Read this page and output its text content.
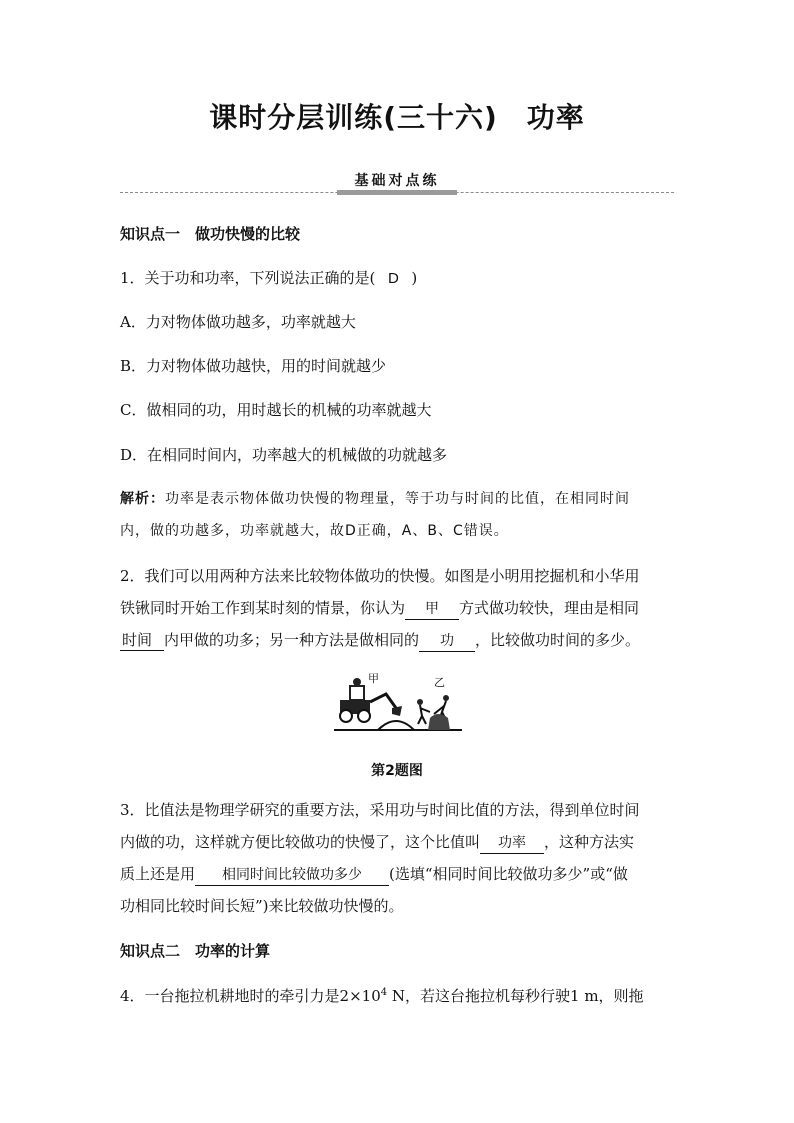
课时分层训练(三十六)　功率
基础对点练
知识点一　做功快慢的比较
1．关于功和功率，下列说法正确的是( D )
A．力对物体做功越多，功率就越大
B．力对物体做功越快，用的时间就越少
C．做相同的功，用时越长的机械的功率就越大
D．在相同时间内，功率越大的机械做的功就越多
解析：功率是表示物体做功快慢的物理量，等于功与时间的比值，在相同时间
内，做的功越多，功率就越大，故D正确，A、B、C错误。
2．我们可以用两种方法来比较物体做功的快慢。如图是小明用挖掘机和小华用
铁锹同时开始工作到某时刻的情景，你认为 甲 方式做功较快，理由是相同
时间 内甲做的功多；另一种方法是做相同的 功 ，比较做功时间的多少。
甲	乙
第2题图
3．比值法是物理学研究的重要方法，采用功与时间比值的方法，得到单位时间
内做的功，这样就方便比较做功的快慢了，这个比值叫 功率 ，这种方法实
质上还是用 相同时间比较做功多少 (选填“相同时间比较做功多少”或“做
功相同比较时间长短”)来比较做功快慢的。
知识点二　功率的计算
4．一台拖拉机耕地时的牵引力是$2\times 10^4$ N，若这台拖拉机每秒行驶1 m，则拖
